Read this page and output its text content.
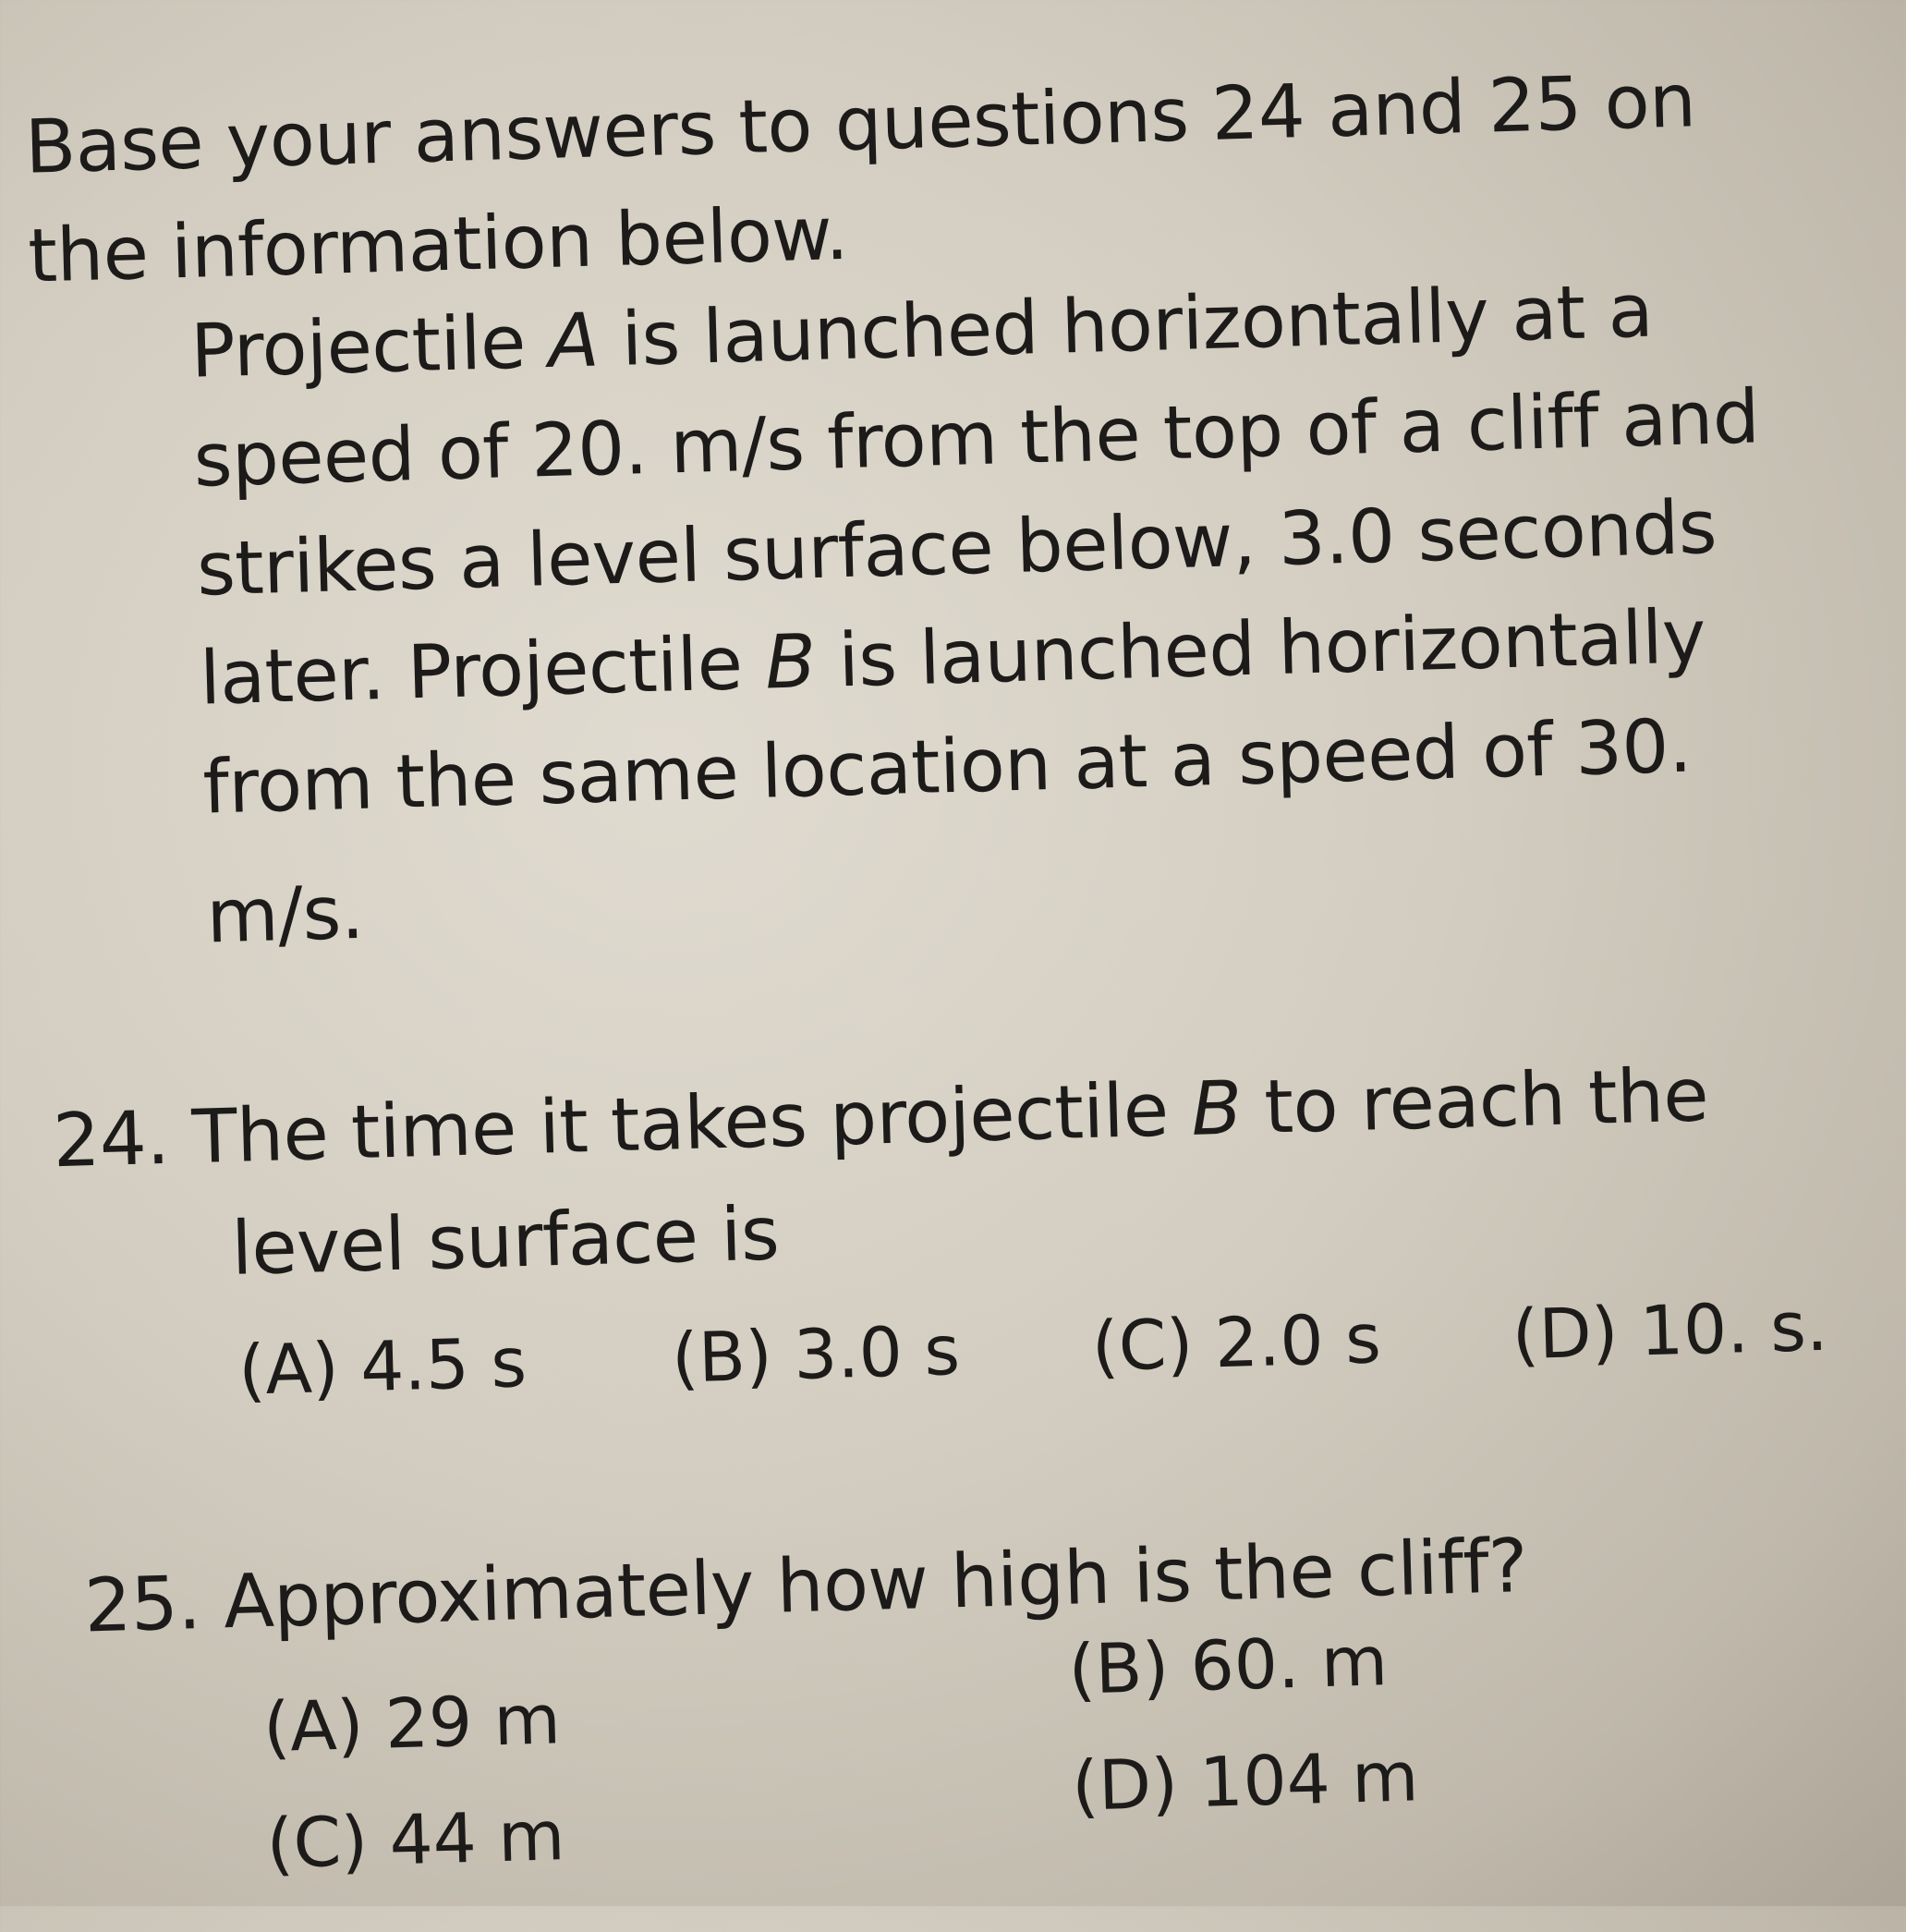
Base your answers to questions 24 and 25 on
the information below.
Projectile A is launched horizontally at a
speed of 20. m/s from the top of a cliff and
strikes a level surface below, 3.0 seconds
later. Projectile B is launched horizontally
from the same location at a speed of 30.
m/s.
24. The time it takes projectile B to reach the
level surface is
(A) 4.5 s (B) 3.0 s (C) 2.0 s (D) 10. s.
25. Approximately how high is the cliff?
(A) 29 m
(B) 60. m
(C) 44 m
(D) 104 m
